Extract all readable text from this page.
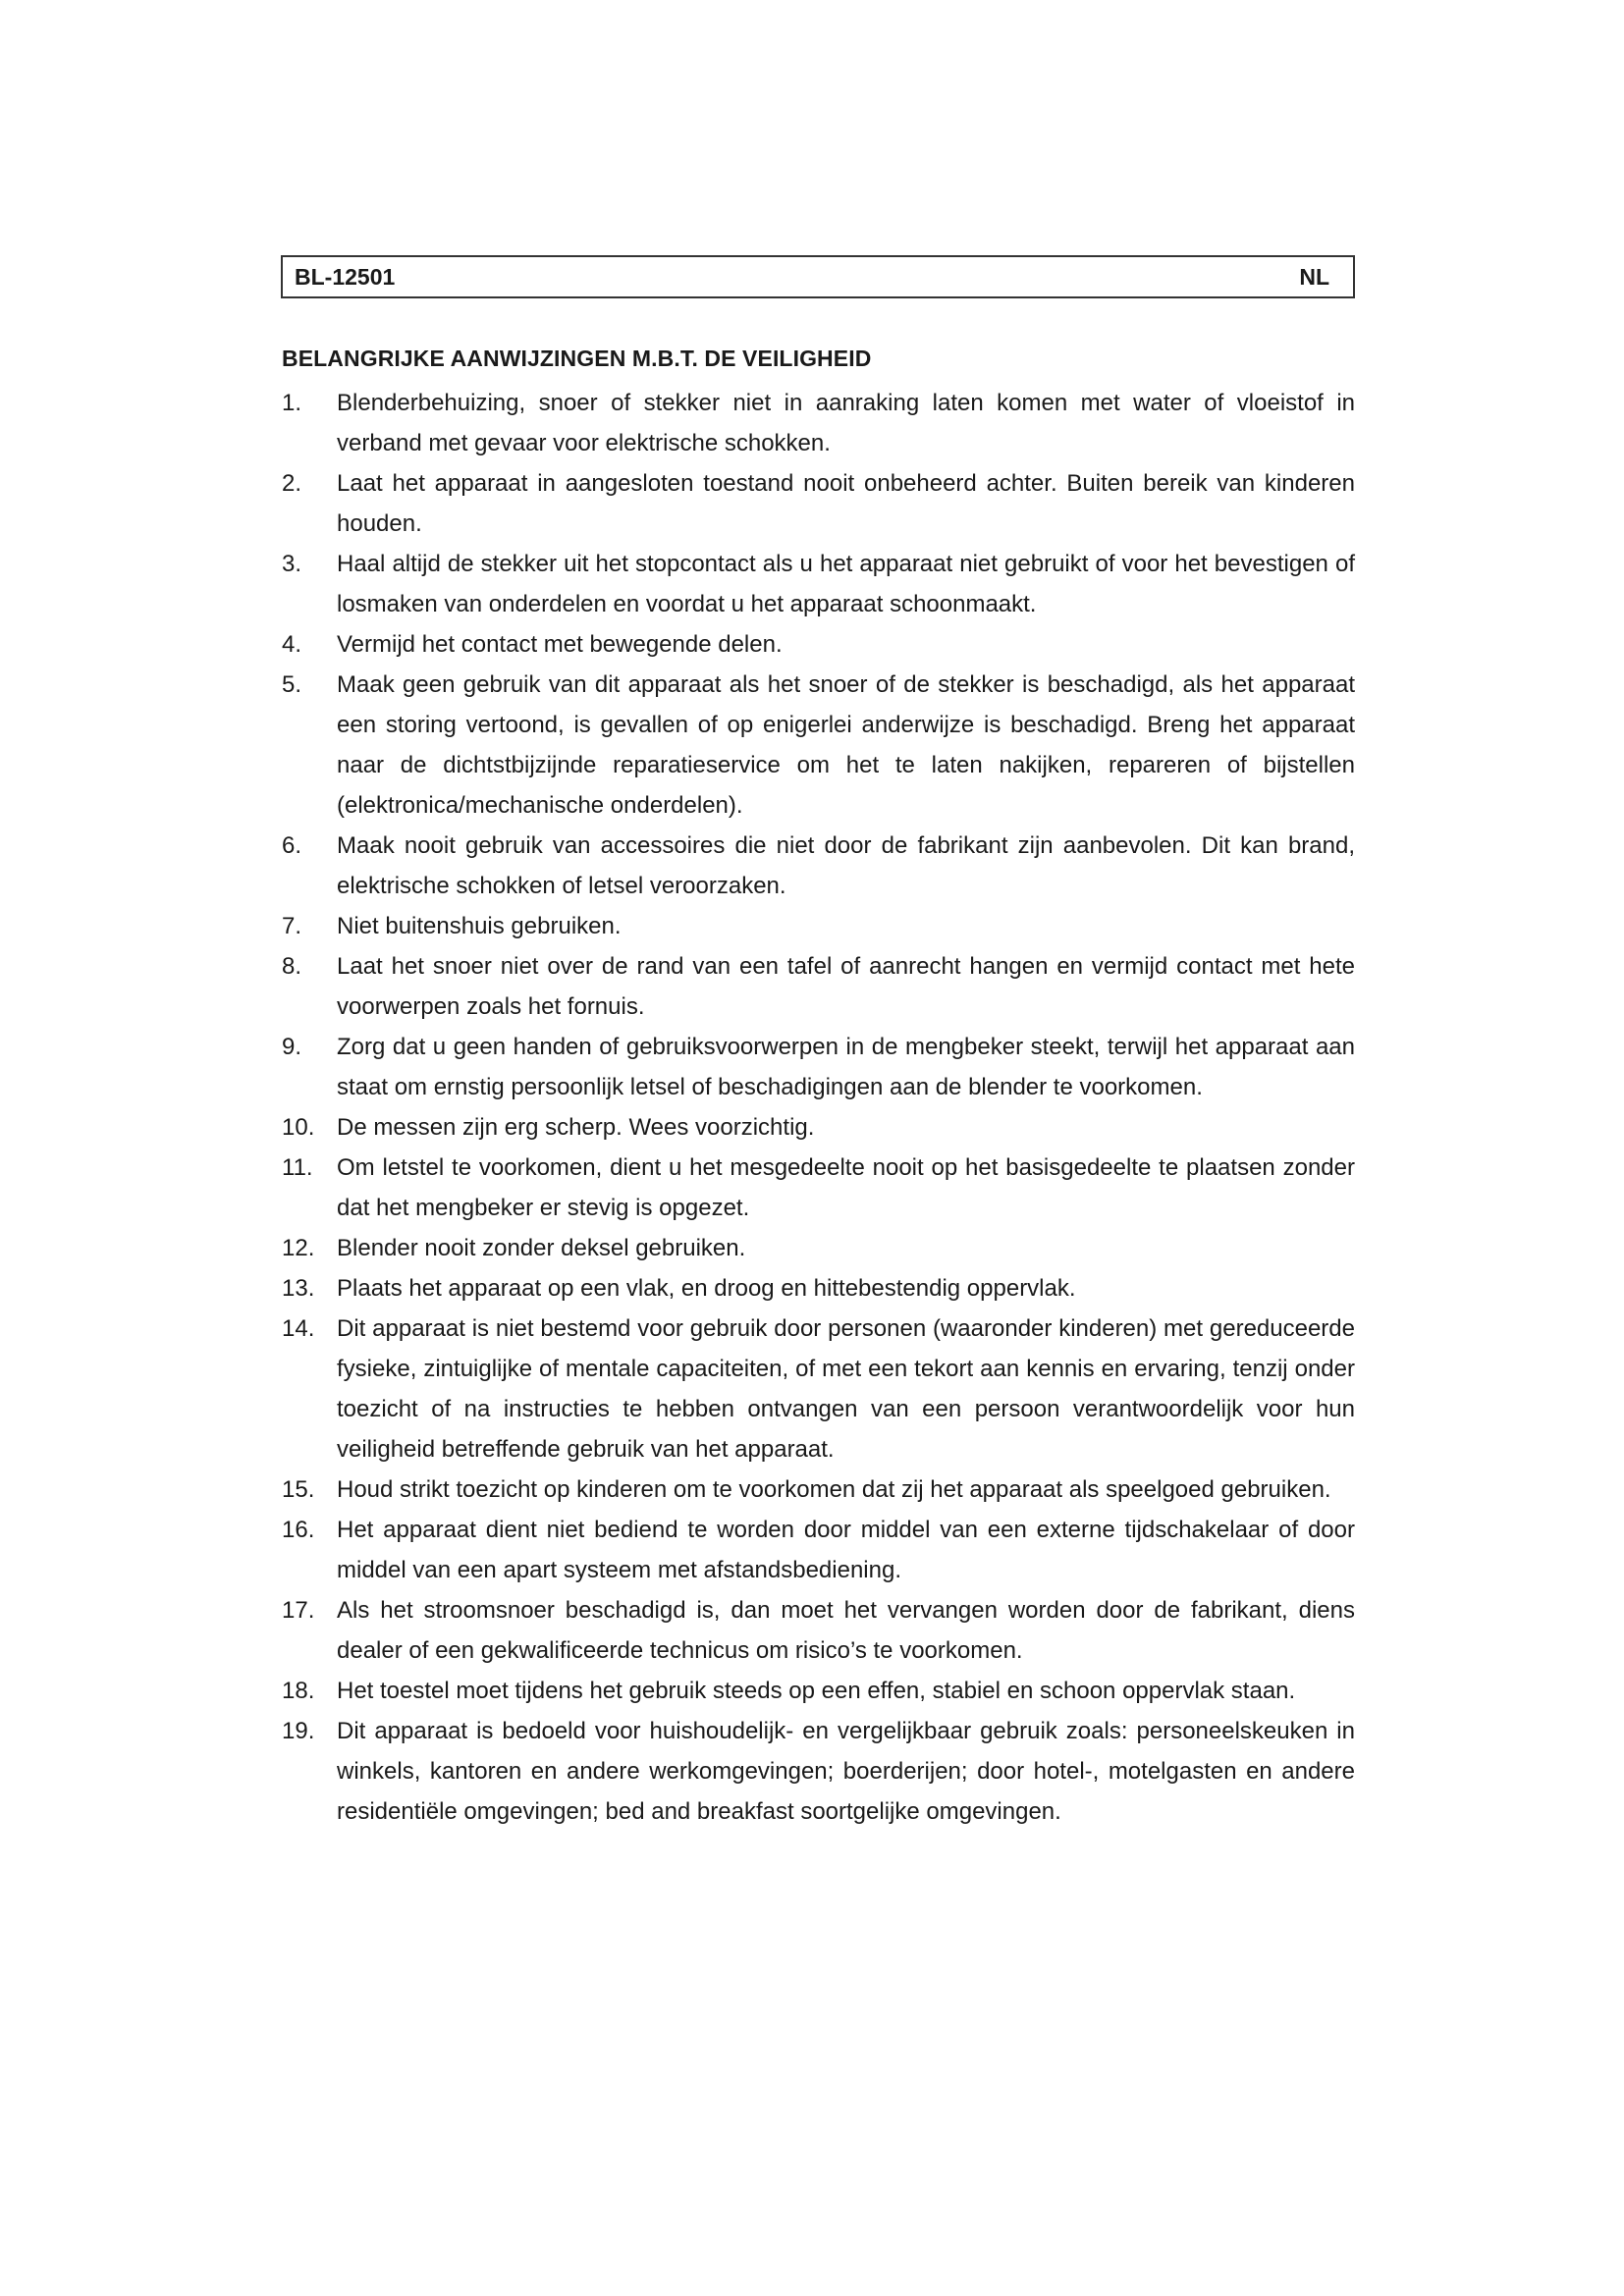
BL-12501	NL
BELANGRIJKE AANWIJZINGEN M.B.T. DE VEILIGHEID
1.	Blenderbehuizing, snoer of stekker niet in aanraking laten komen met water of vloeistof in verband met gevaar voor elektrische schokken.
2.	Laat het apparaat in aangesloten toestand nooit onbeheerd achter. Buiten bereik van kinderen houden.
3.	Haal altijd de stekker uit het stopcontact als u het apparaat niet gebruikt of voor het bevestigen of losmaken van onderdelen en voordat u het apparaat schoonmaakt.
4.	Vermijd het contact met bewegende delen.
5.	Maak geen gebruik van dit apparaat als het snoer of de stekker is beschadigd, als het apparaat een storing vertoond, is gevallen of op enigerlei anderwijze is beschadigd. Breng het apparaat naar de dichtstbijzijnde reparatieservice om het te laten nakijken, repareren of bijstellen (elektronica/mechanische onderdelen).
6.	Maak nooit gebruik van accessoires die niet door de fabrikant zijn aanbevolen. Dit kan brand, elektrische schokken of letsel veroorzaken.
7.	Niet buitenshuis gebruiken.
8.	Laat het snoer niet over de rand van een tafel of aanrecht hangen en vermijd contact met hete voorwerpen zoals het fornuis.
9.	Zorg dat u geen handen of gebruiksvoorwerpen in de mengbeker steekt, terwijl het apparaat aan staat om ernstig persoonlijk letsel of beschadigingen aan de blender te voorkomen.
10. De messen zijn erg scherp. Wees voorzichtig.
11.	Om letstel te voorkomen, dient u het mesgedeelte nooit op het basisgedeelte te plaatsen zonder dat het mengbeker er stevig is opgezet.
12. Blender nooit zonder deksel gebruiken.
13. Plaats het apparaat op een vlak, en droog en hittebestendig oppervlak.
14. Dit apparaat is niet bestemd voor gebruik door personen (waaronder kinderen) met gereduceerde fysieke, zintuiglijke of mentale capaciteiten, of met een tekort aan kennis en ervaring, tenzij onder toezicht of na instructies te hebben ontvangen van een persoon verantwoordelijk voor hun veiligheid betreffende gebruik van het apparaat.
15. Houd strikt toezicht op kinderen om te voorkomen dat zij het apparaat als speelgoed gebruiken.
16. Het apparaat dient niet bediend te worden door middel van een externe tijdschakelaar of door middel van een apart systeem met afstandsbediening.
17. Als het stroomsnoer beschadigd is, dan moet het vervangen worden door de fabrikant, diens dealer of een gekwalificeerde technicus om risico’s te voorkomen.
18. Het toestel moet tijdens het gebruik steeds op een effen, stabiel en schoon oppervlak staan.
19. Dit apparaat is bedoeld voor huishoudelijk- en vergelijkbaar gebruik zoals: personeelskeuken in winkels, kantoren en andere werkomgevingen; boerderijen; door hotel-, motelgasten en andere residentiële omgevingen; bed and breakfast soortgelijke omgevingen.
